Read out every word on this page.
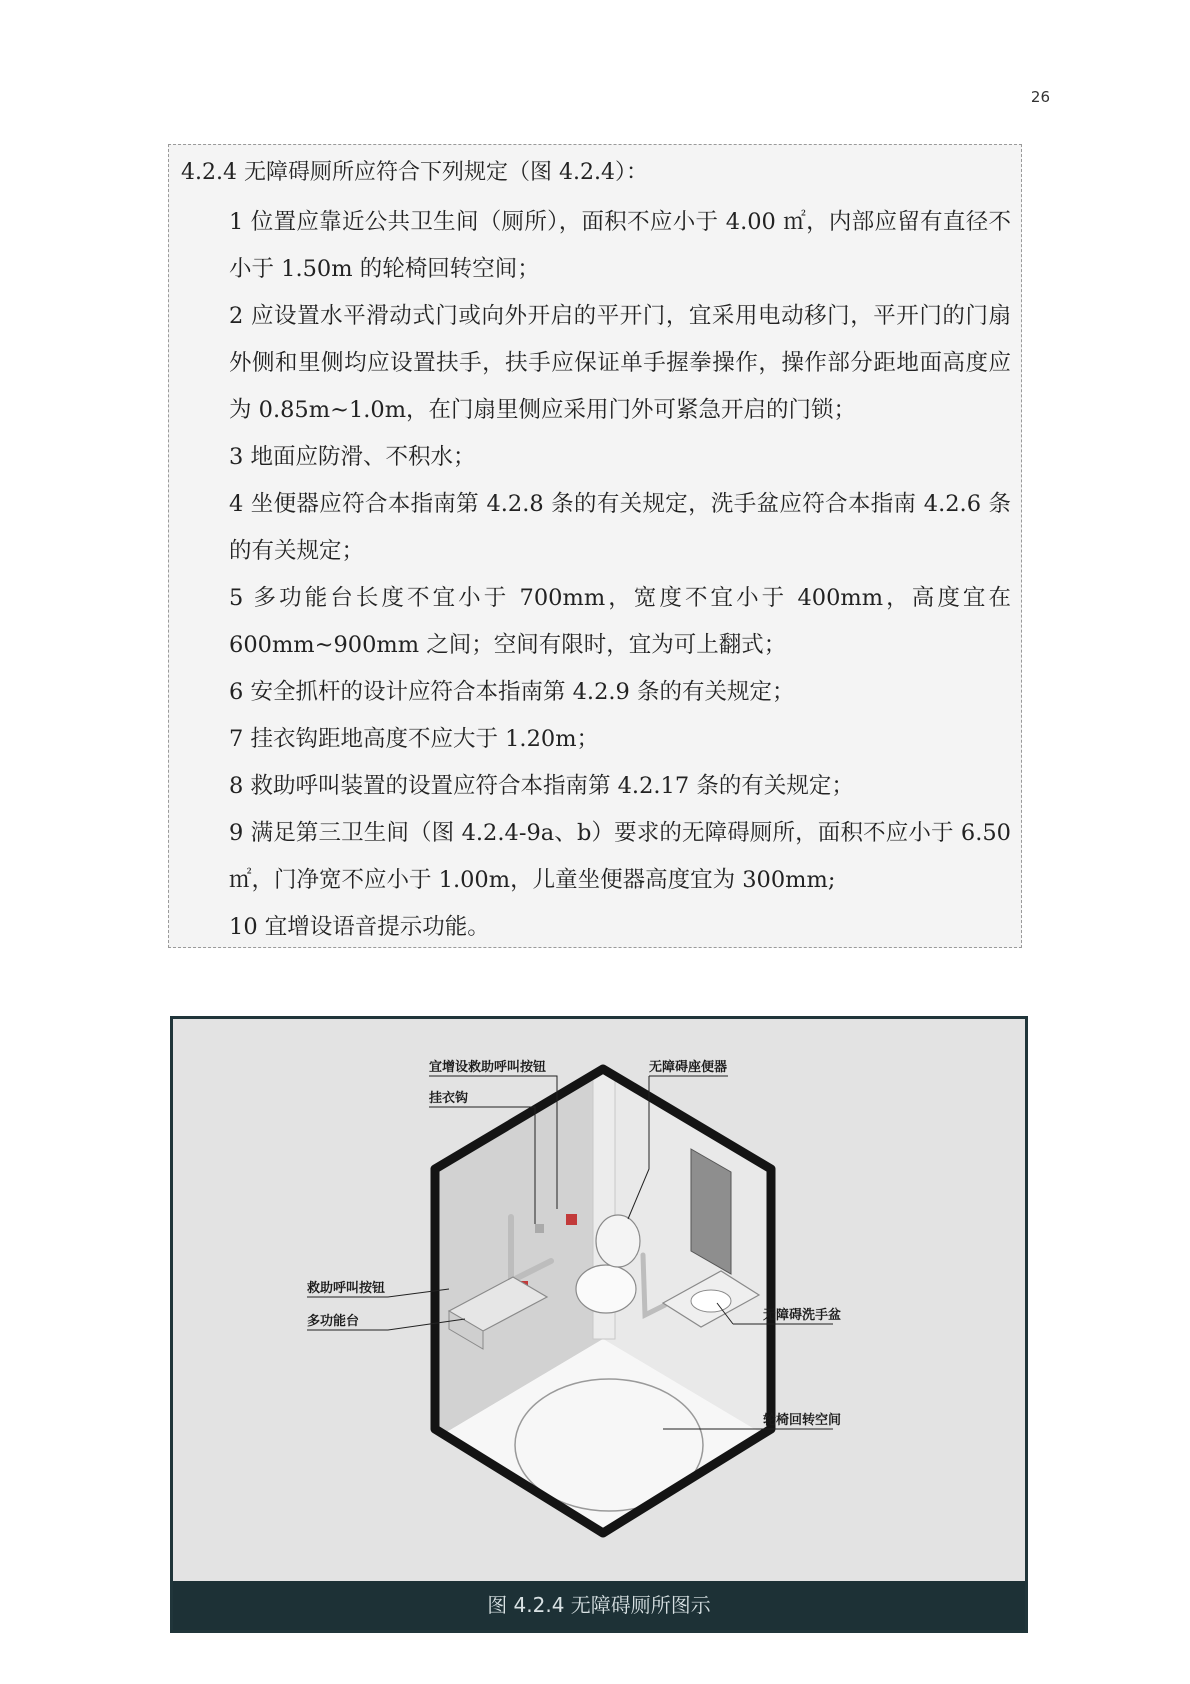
26
4.2.4 无障碍厕所应符合下列规定（图 4.2.4）：

1 位置应靠近公共卫生间（厕所），面积不应小于 4.00 ㎡，内部应留有直径不小于 1.50m 的轮椅回转空间；

2 应设置水平滑动式门或向外开启的平开门，宜采用电动移门，平开门的门扇外侧和里侧均应设置扶手，扶手应保证单手握拳操作，操作部分距地面高度应为 0.85m~1.0m，在门扇里侧应采用门外可紧急开启的门锁；

3 地面应防滑、不积水；

4 坐便器应符合本指南第 4.2.8 条的有关规定，洗手盆应符合本指南 4.2.6 条的有关规定；

5 多功能台长度不宜小于 700mm，宽度不宜小于 400mm，高度宜在 600mm~900mm 之间；空间有限时，宜为可上翻式；

6 安全抓杆的设计应符合本指南第 4.2.9 条的有关规定；

7 挂衣钩距地高度不应大于 1.20m；

8 救助呼叫装置的设置应符合本指南第 4.2.17 条的有关规定；

9 满足第三卫生间（图 4.2.4-9a、b）要求的无障碍厕所，面积不应小于 6.50 ㎡，门净宽不应小于 1.00m，儿童坐便器高度宜为 300mm;

10 宜增设语音提示功能。

宜增设救助呼叫按钮
挂衣钩
无障碍座便器
救助呼叫按钮
多功能台	无障碍洗手盆
轮椅回转空间
图 4.2.4 无障碍厕所图示
